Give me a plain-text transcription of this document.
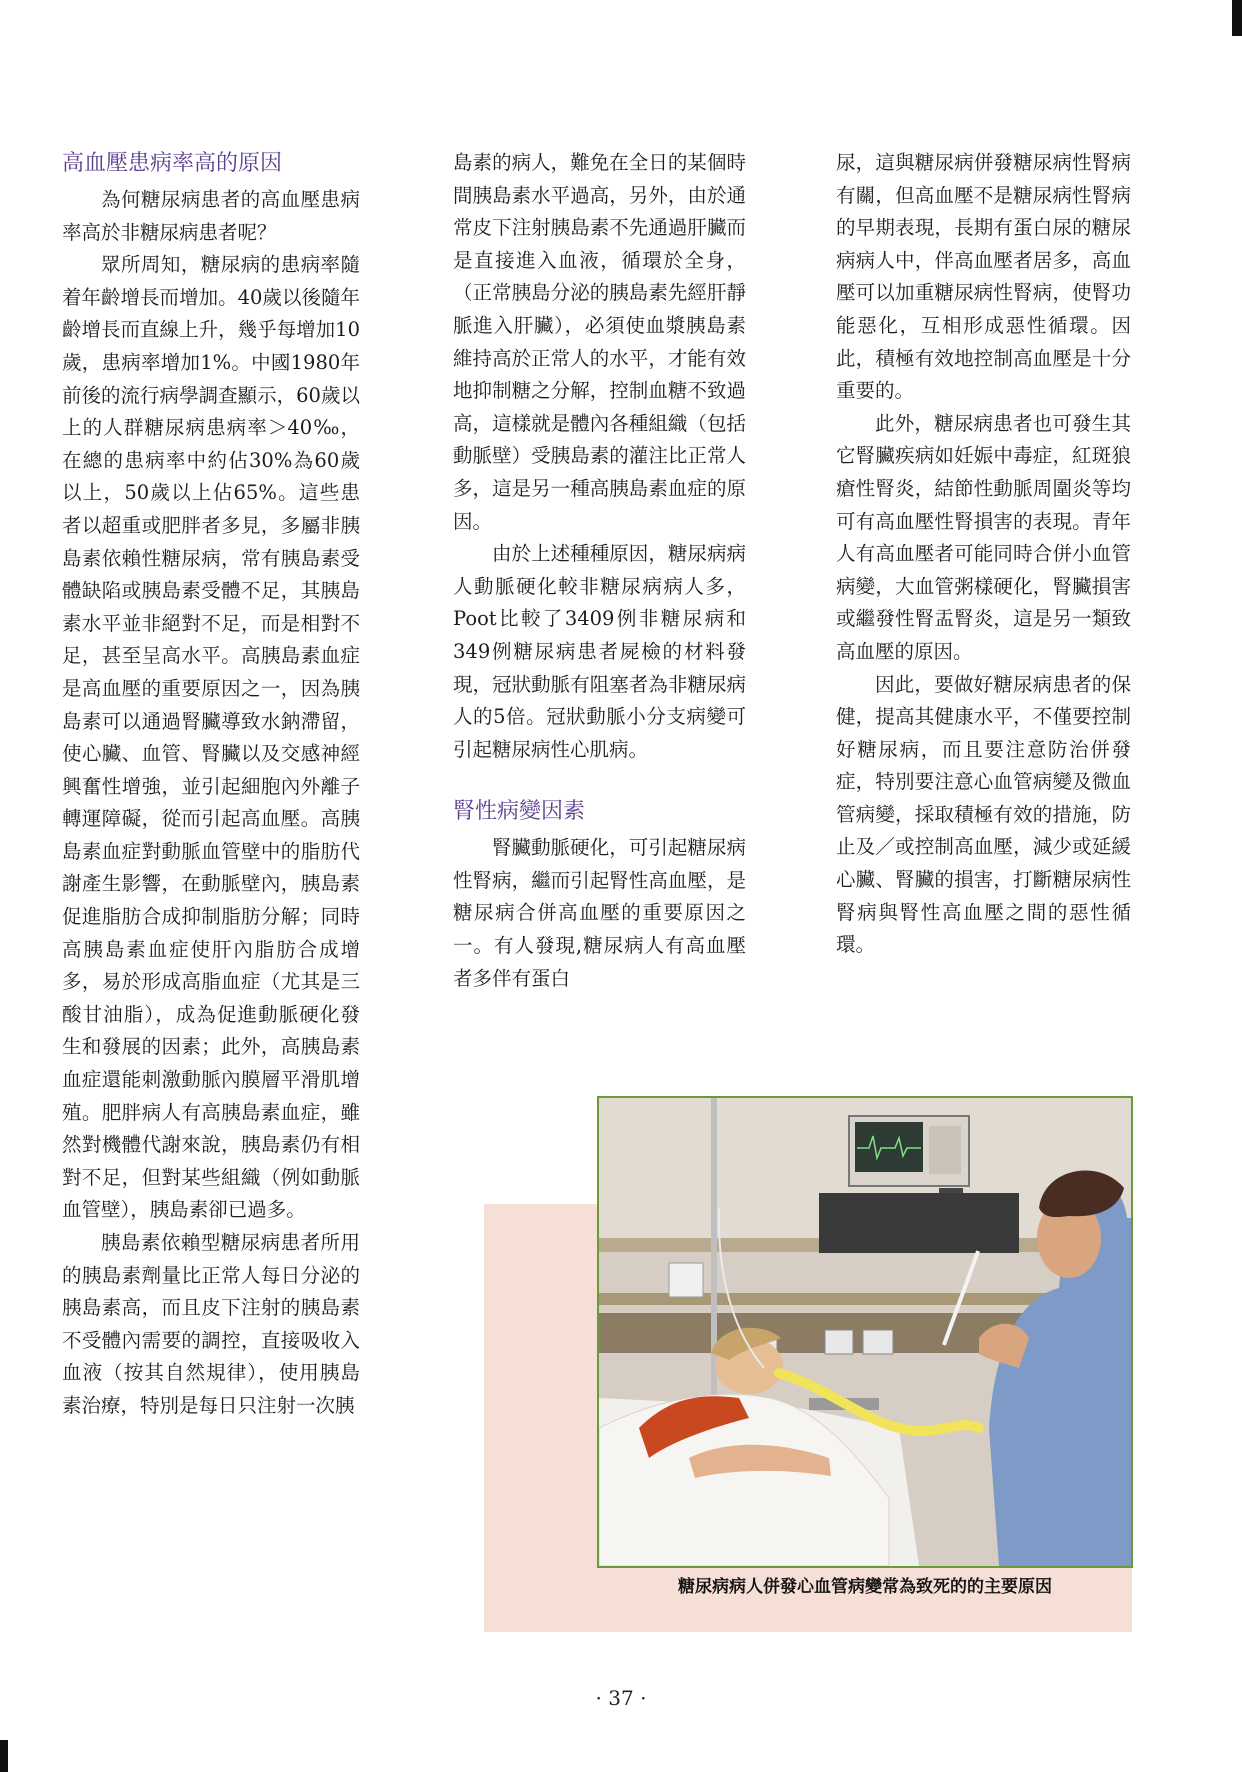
高血壓患病率高的原因

為何糖尿病患者的高血壓患病率高於非糖尿病患者呢？

眾所周知，糖尿病的患病率隨着年齡增長而增加。40歲以後隨年齡增長而直線上升，幾乎每增加10歲，患病率增加1%。中國1980年前後的流行病學調查顯示，60歲以上的人群糖尿病患病率＞40‰，在總的患病率中約佔30%為60歲以上，50歲以上佔65%。這些患者以超重或肥胖者多見，多屬非胰島素依賴性糖尿病，常有胰島素受體缺陷或胰島素受體不足，其胰島素水平並非絕對不足，而是相對不足，甚至呈高水平。高胰島素血症是高血壓的重要原因之一，因為胰島素可以通過腎臟導致水鈉滯留，使心臟、血管、腎臟以及交感神經興奮性增強，並引起細胞內外離子轉運障礙，從而引起高血壓。高胰島素血症對動脈血管壁中的脂肪代謝產生影響，在動脈壁內，胰島素促進脂肪合成抑制脂肪分解；同時高胰島素血症使肝內脂肪合成增多，易於形成高脂血症（尤其是三酸甘油脂），成為促進動脈硬化發生和發展的因素；此外，高胰島素血症還能刺激動脈內膜層平滑肌增殖。肥胖病人有高胰島素血症，雖然對機體代謝來說，胰島素仍有相對不足，但對某些組織（例如動脈血管壁），胰島素卻已過多。

胰島素依賴型糖尿病患者所用的胰島素劑量比正常人每日分泌的胰島素高，而且皮下注射的胰島素不受體內需要的調控，直接吸收入血液（按其自然規律），使用胰島素治療，特別是每日只注射一次胰

島素的病人，難免在全日的某個時間胰島素水平過高，另外，由於通常皮下注射胰島素不先通過肝臟而是直接進入血液，循環於全身，（正常胰島分泌的胰島素先經肝靜脈進入肝臟），必須使血漿胰島素維持高於正常人的水平，才能有效地抑制糖之分解，控制血糖不致過高，這樣就是體內各種組織（包括動脈壁）受胰島素的灌注比正常人多，這是另一種高胰島素血症的原因。

由於上述種種原因，糖尿病病人動脈硬化較非糖尿病病人多，Poot比較了3409例非糖尿病和349例糖尿病患者屍檢的材料發現，冠狀動脈有阻塞者為非糖尿病人的5倍。冠狀動脈小分支病變可引起糖尿病性心肌病。

腎性病變因素

腎臟動脈硬化，可引起糖尿病性腎病，繼而引起腎性高血壓，是糖尿病合併高血壓的重要原因之一。有人發現,糖尿病人有高血壓者多伴有蛋白

尿，這與糖尿病併發糖尿病性腎病有關，但高血壓不是糖尿病性腎病的早期表現，長期有蛋白尿的糖尿病病人中，伴高血壓者居多，高血壓可以加重糖尿病性腎病，使腎功能惡化，互相形成惡性循環。因此，積極有效地控制高血壓是十分重要的。

此外，糖尿病患者也可發生其它腎臟疾病如妊娠中毒症，紅斑狼瘡性腎炎，結節性動脈周圍炎等均可有高血壓性腎損害的表現。青年人有高血壓者可能同時合併小血管病變，大血管粥樣硬化，腎臟損害或繼發性腎盂腎炎，這是另一類致高血壓的原因。

因此，要做好糖尿病患者的保健，提高其健康水平，不僅要控制好糖尿病，而且要注意防治併發症，特別要注意心血管病變及微血管病變，採取積極有效的措施，防止及／或控制高血壓，減少或延緩心臟、腎臟的損害，打斷糖尿病性腎病與腎性高血壓之間的惡性循環。

糖尿病病人併發心血管病變常為致死的的主要原因
· 37 ·
